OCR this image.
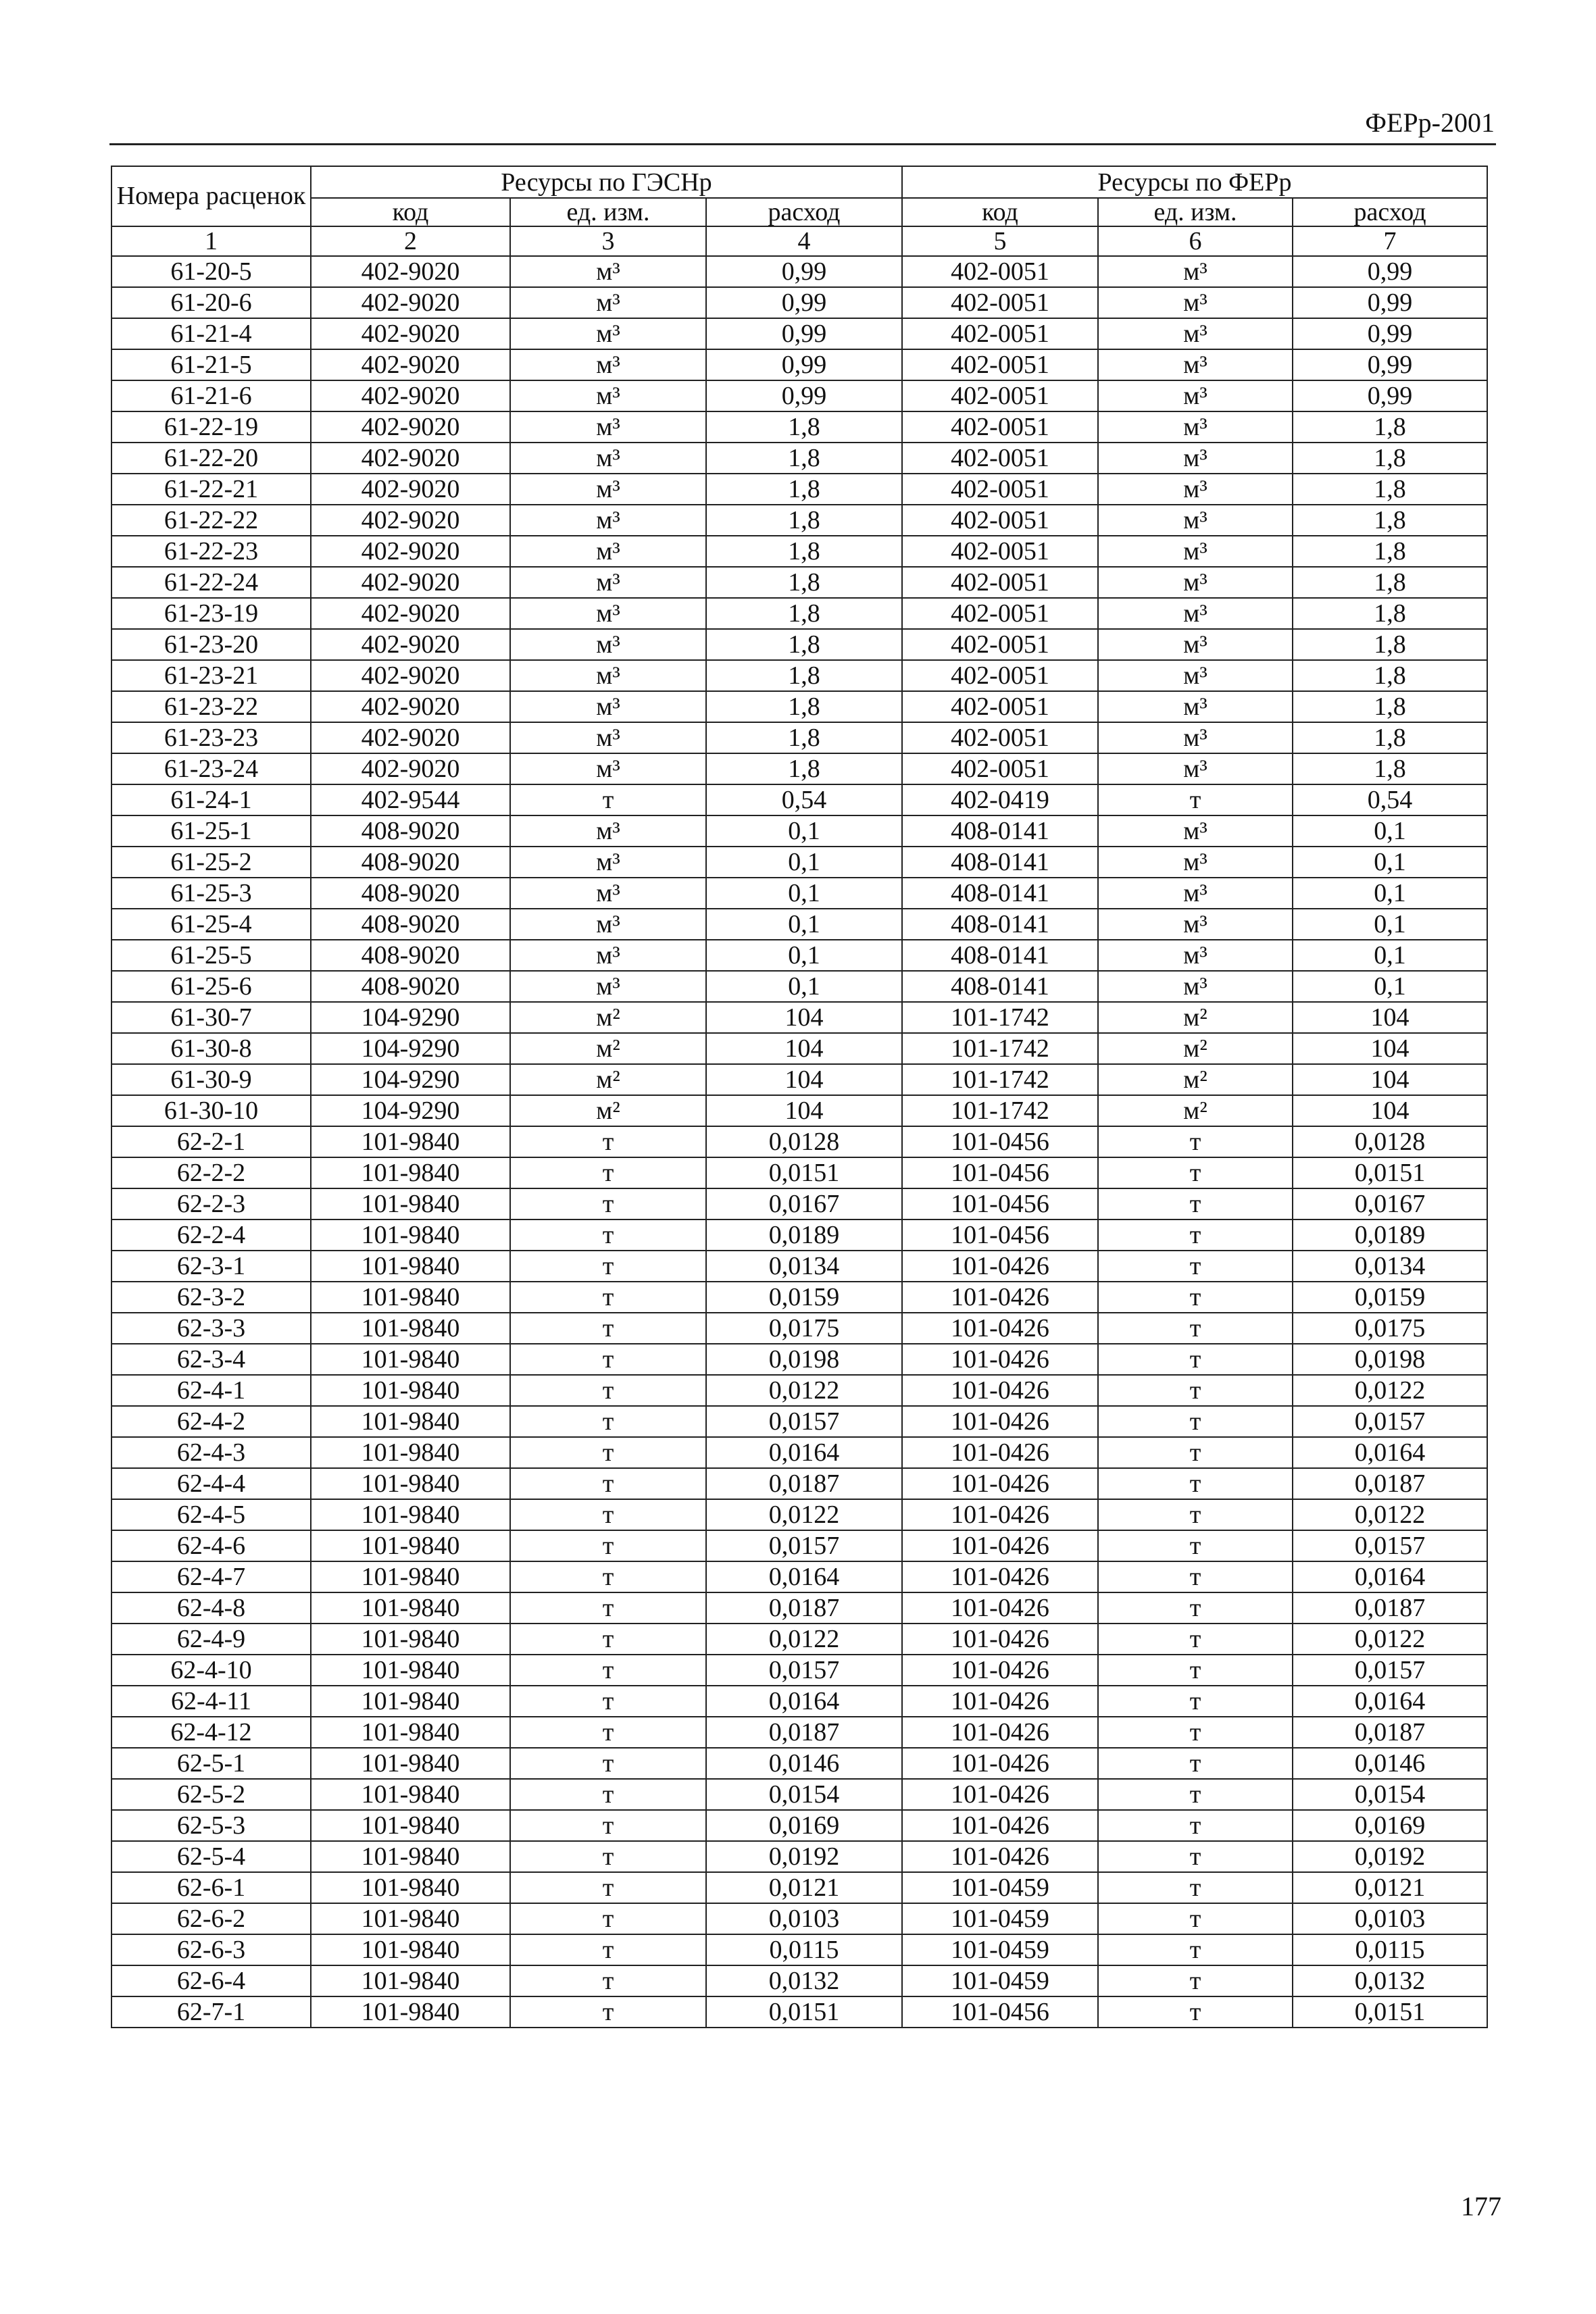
ФЕРр-2001
Номера расценок	Ресурсы по ГЭСНр			Ресурсы по ФЕРр		
	код	ед. изм.	расход	код	ед. изм.	расход
1	2	3	4	5	6	7
61-20-5	402-9020	м³	0,99	402-0051	м³	0,99
61-20-6	402-9020	м³	0,99	402-0051	м³	0,99
61-21-4	402-9020	м³	0,99	402-0051	м³	0,99
61-21-5	402-9020	м³	0,99	402-0051	м³	0,99
61-21-6	402-9020	м³	0,99	402-0051	м³	0,99
61-22-19	402-9020	м³	1,8	402-0051	м³	1,8
61-22-20	402-9020	м³	1,8	402-0051	м³	1,8
61-22-21	402-9020	м³	1,8	402-0051	м³	1,8
61-22-22	402-9020	м³	1,8	402-0051	м³	1,8
61-22-23	402-9020	м³	1,8	402-0051	м³	1,8
61-22-24	402-9020	м³	1,8	402-0051	м³	1,8
61-23-19	402-9020	м³	1,8	402-0051	м³	1,8
61-23-20	402-9020	м³	1,8	402-0051	м³	1,8
61-23-21	402-9020	м³	1,8	402-0051	м³	1,8
61-23-22	402-9020	м³	1,8	402-0051	м³	1,8
61-23-23	402-9020	м³	1,8	402-0051	м³	1,8
61-23-24	402-9020	м³	1,8	402-0051	м³	1,8
61-24-1	402-9544	т	0,54	402-0419	т	0,54
61-25-1	408-9020	м³	0,1	408-0141	м³	0,1
61-25-2	408-9020	м³	0,1	408-0141	м³	0,1
61-25-3	408-9020	м³	0,1	408-0141	м³	0,1
61-25-4	408-9020	м³	0,1	408-0141	м³	0,1
61-25-5	408-9020	м³	0,1	408-0141	м³	0,1
61-25-6	408-9020	м³	0,1	408-0141	м³	0,1
61-30-7	104-9290	м²	104	101-1742	м²	104
61-30-8	104-9290	м²	104	101-1742	м²	104
61-30-9	104-9290	м²	104	101-1742	м²	104
61-30-10	104-9290	м²	104	101-1742	м²	104
62-2-1	101-9840	т	0,0128	101-0456	т	0,0128
62-2-2	101-9840	т	0,0151	101-0456	т	0,0151
62-2-3	101-9840	т	0,0167	101-0456	т	0,0167
62-2-4	101-9840	т	0,0189	101-0456	т	0,0189
62-3-1	101-9840	т	0,0134	101-0426	т	0,0134
62-3-2	101-9840	т	0,0159	101-0426	т	0,0159
62-3-3	101-9840	т	0,0175	101-0426	т	0,0175
62-3-4	101-9840	т	0,0198	101-0426	т	0,0198
62-4-1	101-9840	т	0,0122	101-0426	т	0,0122
62-4-2	101-9840	т	0,0157	101-0426	т	0,0157
62-4-3	101-9840	т	0,0164	101-0426	т	0,0164
62-4-4	101-9840	т	0,0187	101-0426	т	0,0187
62-4-5	101-9840	т	0,0122	101-0426	т	0,0122
62-4-6	101-9840	т	0,0157	101-0426	т	0,0157
62-4-7	101-9840	т	0,0164	101-0426	т	0,0164
62-4-8	101-9840	т	0,0187	101-0426	т	0,0187
62-4-9	101-9840	т	0,0122	101-0426	т	0,0122
62-4-10	101-9840	т	0,0157	101-0426	т	0,0157
62-4-11	101-9840	т	0,0164	101-0426	т	0,0164
62-4-12	101-9840	т	0,0187	101-0426	т	0,0187
62-5-1	101-9840	т	0,0146	101-0426	т	0,0146
62-5-2	101-9840	т	0,0154	101-0426	т	0,0154
62-5-3	101-9840	т	0,0169	101-0426	т	0,0169
62-5-4	101-9840	т	0,0192	101-0426	т	0,0192
62-6-1	101-9840	т	0,0121	101-0459	т	0,0121
62-6-2	101-9840	т	0,0103	101-0459	т	0,0103
62-6-3	101-9840	т	0,0115	101-0459	т	0,0115
62-6-4	101-9840	т	0,0132	101-0459	т	0,0132
62-7-1	101-9840	т	0,0151	101-0456	т	0,0151
177
